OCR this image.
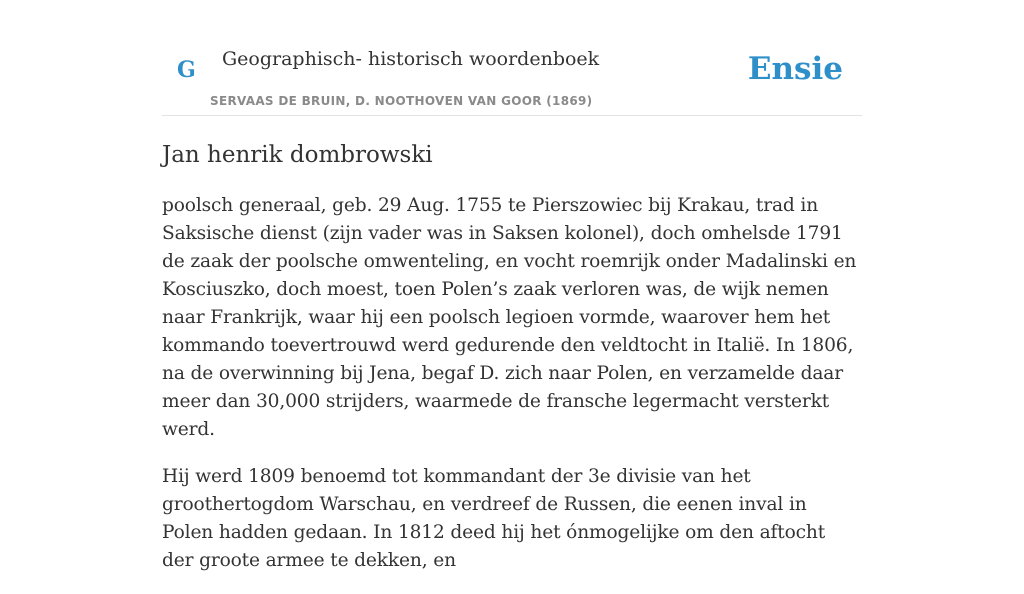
G Geographisch- historisch woordenboek
SERVAAS DE BRUIN, D. NOOTHOVEN VAN GOOR (1869)
Ensie
Jan henrik dombrowski

poolsch generaal, geb. 29 Aug. 1755 te Pierszowiec bij Krakau, trad in Saksische dienst (zijn vader was in Saksen kolonel), doch omhelsde 1791 de zaak der poolsche omwenteling, en vocht roemrijk onder Madalinski en Kosciuszko, doch moest, toen Polen’s zaak verloren was, de wijk nemen naar Frankrijk, waar hij een poolsch legioen vormde, waarover hem het kommando toevertrouwd werd gedurende den veldtocht in Italië. In 1806, na de overwinning bij Jena, begaf D. zich naar Polen, en verzamelde daar meer dan 30,000 strijders, waarmede de fransche legermacht versterkt werd.

Hij werd 1809 benoemd tot kommandant der 3e divisie van het groothertogdom Warschau, en verdreef de Russen, die eenen inval in Polen hadden gedaan. In 1812 deed hij het ónmogelijke om den aftocht der groote armee te dekken, en
